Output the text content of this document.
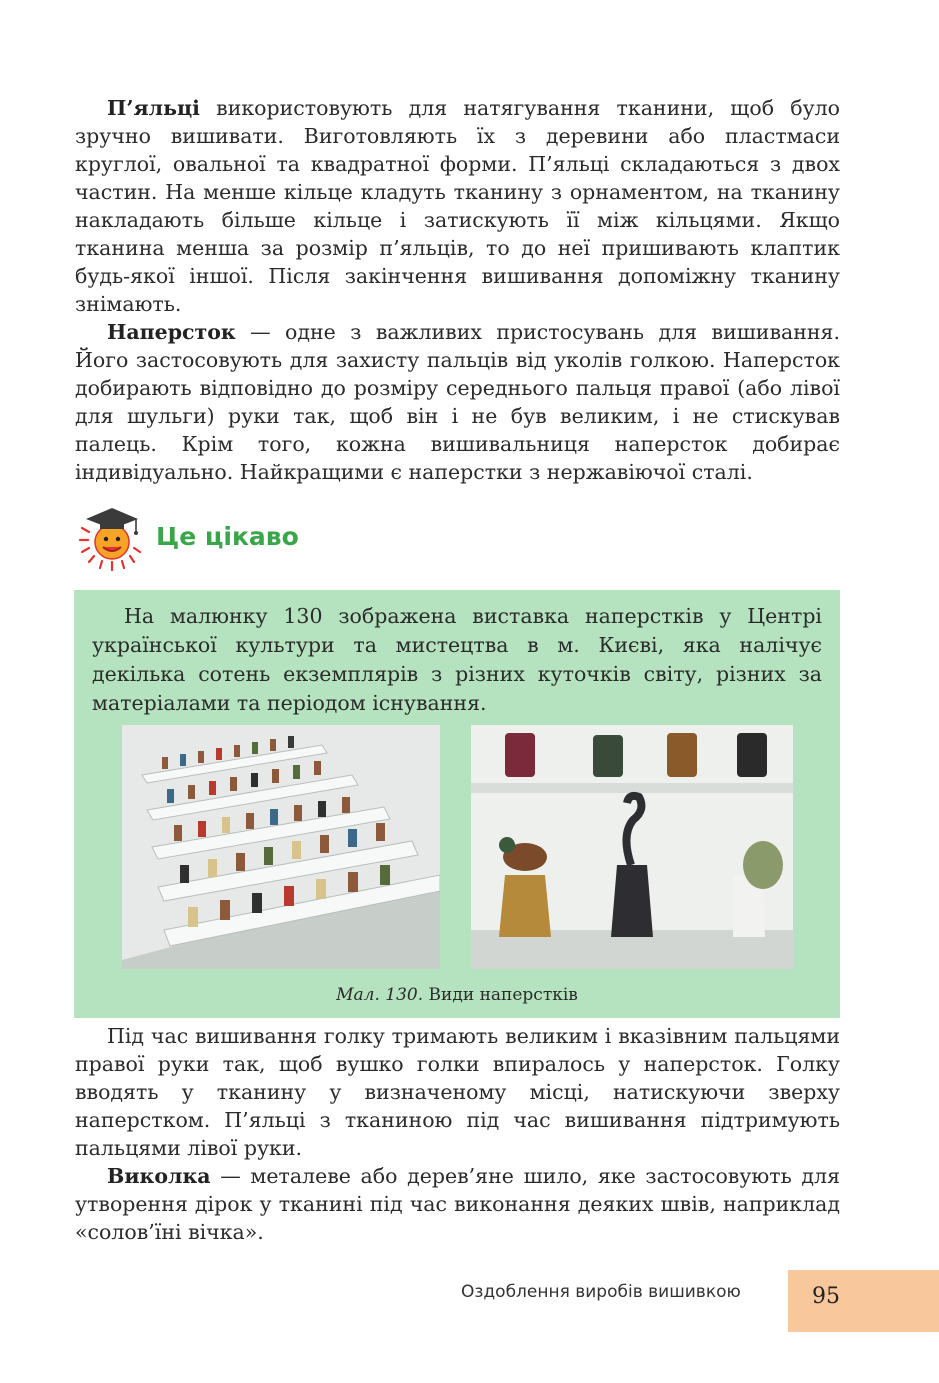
П’яльці використовують для натягування тканини, щоб було зручно вишивати. Виготовляють їх з деревини або пластмаси круглої, овальної та квадратної форми. П’яльці складаються з двох частин. На менше кільце кладуть тканину з орнаментом, на тканину накладають більше кільце і затискують її між кільцями. Якщо тканина менша за розмір п’яльців, то до неї пришивають клаптик будь-якої іншої. Після закінчення вишивання допоміжну тканину знімають.

Наперсток — одне з важливих пристосувань для вишивання. Його застосовують для захисту пальців від уколів голкою. Наперсток добирають відповідно до розміру середнього пальця правої (або лівої для шульги) руки так, щоб він і не був великим, і не стискував палець. Крім того, кожна вишивальниця наперсток добирає індивідуально. Найкращими є наперстки з нержавіючої сталі.

Це цікаво

На малюнку 130 зображена виставка наперстків у Центрі української культури та мистецтва в м. Києві, яка налічує декілька сотень екземплярів з різних куточків світу, різних за матеріалами та періодом існування.

Мал. 130. Види наперстків

Під час вишивання голку тримають великим і вказівним пальцями правої руки так, щоб вушко голки впиралось у наперсток. Голку вводять у тканину у визначеному місці, натискуючи зверху наперстком. П’яльці з тканиною під час вишивання підтримують пальцями лівої руки.

Виколка — металеве або дерев’яне шило, яке застосовують для утворення дірок у тканині під час виконання деяких швів, наприклад «солов’їні вічка».

Оздоблення виробів вишивкою	95
